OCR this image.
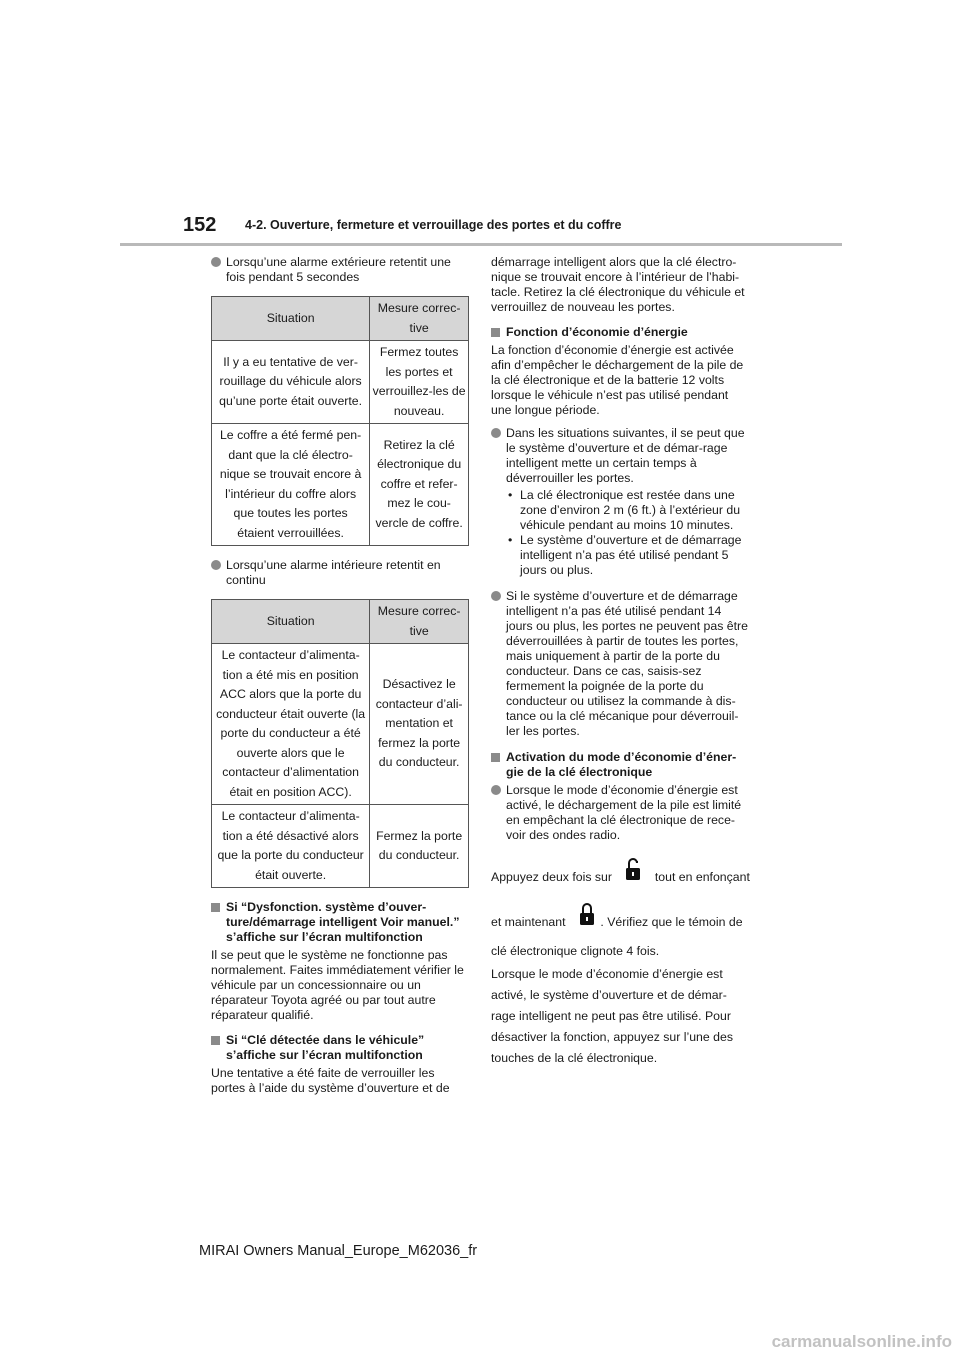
152 4-2. Ouverture, fermeture et verrouillage des portes et du coffre
Lorsqu’une alarme extérieure retentit une fois pendant 5 secondes
Situation	Mesure correc-tive
Il y a eu tentative de ver-rouillage du véhicule alors qu’une porte était ouverte.	Fermez toutes les portes et verrouillez-les de nouveau.
Le coffre a été fermé pen-dant que la clé électro-nique se trouvait encore à l’intérieur du coffre alors que toutes les portes étaient verrouillées.	Retirez la clé électronique du coffre et refer-mez le cou-vercle de coffre.
Lorsqu’une alarme intérieure retentit en continu
Situation	Mesure correc-tive
Le contacteur d’alimenta-tion a été mis en position ACC alors que la porte du conducteur était ouverte (la porte du conducteur a été ouverte alors que le contacteur d’alimentation était en position ACC).	Désactivez le contacteur d’ali-mentation et fermez la porte du conducteur.
Le contacteur d’alimenta-tion a été désactivé alors que la porte du conducteur était ouverte.	Fermez la porte du conducteur.
Si “Dysfonction. système d’ouver-ture/démarrage intelligent Voir manuel.” s’affiche sur l’écran multifonction

Il se peut que le système ne fonctionne pas normalement. Faites immédiatement vérifier le véhicule par un concessionnaire ou un réparateur Toyota agréé ou par tout autre réparateur qualifié.

Si “Clé détectée dans le véhicule” s’affiche sur l’écran multifonction

Une tentative a été faite de verrouiller les portes à l’aide du système d’ouverture et de

démarrage intelligent alors que la clé électro-nique se trouvait encore à l’intérieur de l’habi-tacle. Retirez la clé électronique du véhicule et verrouillez de nouveau les portes.

Fonction d’économie d’énergie

La fonction d’économie d’énergie est activée afin d’empêcher le déchargement de la pile de la clé électronique et de la batterie 12 volts lorsque le véhicule n’est pas utilisé pendant une longue période.

Dans les situations suivantes, il se peut que le système d’ouverture et de démar-rage intelligent mette un certain temps à déverrouiller les portes.
• La clé électronique est restée dans une zone d’environ 2 m (6 ft.) à l’extérieur du véhicule pendant au moins 10 minutes.
• Le système d’ouverture et de démarrage intelligent n’a pas été utilisé pendant 5 jours ou plus.
Si le système d’ouverture et de démarrage intelligent n’a pas été utilisé pendant 14 jours ou plus, les portes ne peuvent pas être déverrouillées à partir de toutes les portes, mais uniquement à partir de la porte du conducteur. Dans ce cas, saisis-sez fermement la poignée de la porte du conducteur ou utilisez la commande à dis-tance ou la clé mécanique pour déverrouil-ler les portes.
Activation du mode d’économie d’éner-gie de la clé électronique
Lorsque le mode d’économie d’énergie est activé, le déchargement de la pile est limité en empêchant la clé électronique de rece-voir des ondes radio.
Appuyez deux fois sur	tout en enfonçant
et maintenant	. Vérifiez que le témoin de
clé électronique clignote 4 fois.
Lorsque le mode d’économie d’énergie est
activé, le système d’ouverture et de démar-
rage intelligent ne peut pas être utilisé. Pour
désactiver la fonction, appuyez sur l’une des
touches de la clé électronique.
MIRAI Owners Manual_Europe_M62036_fr
carmanualsonline.info
